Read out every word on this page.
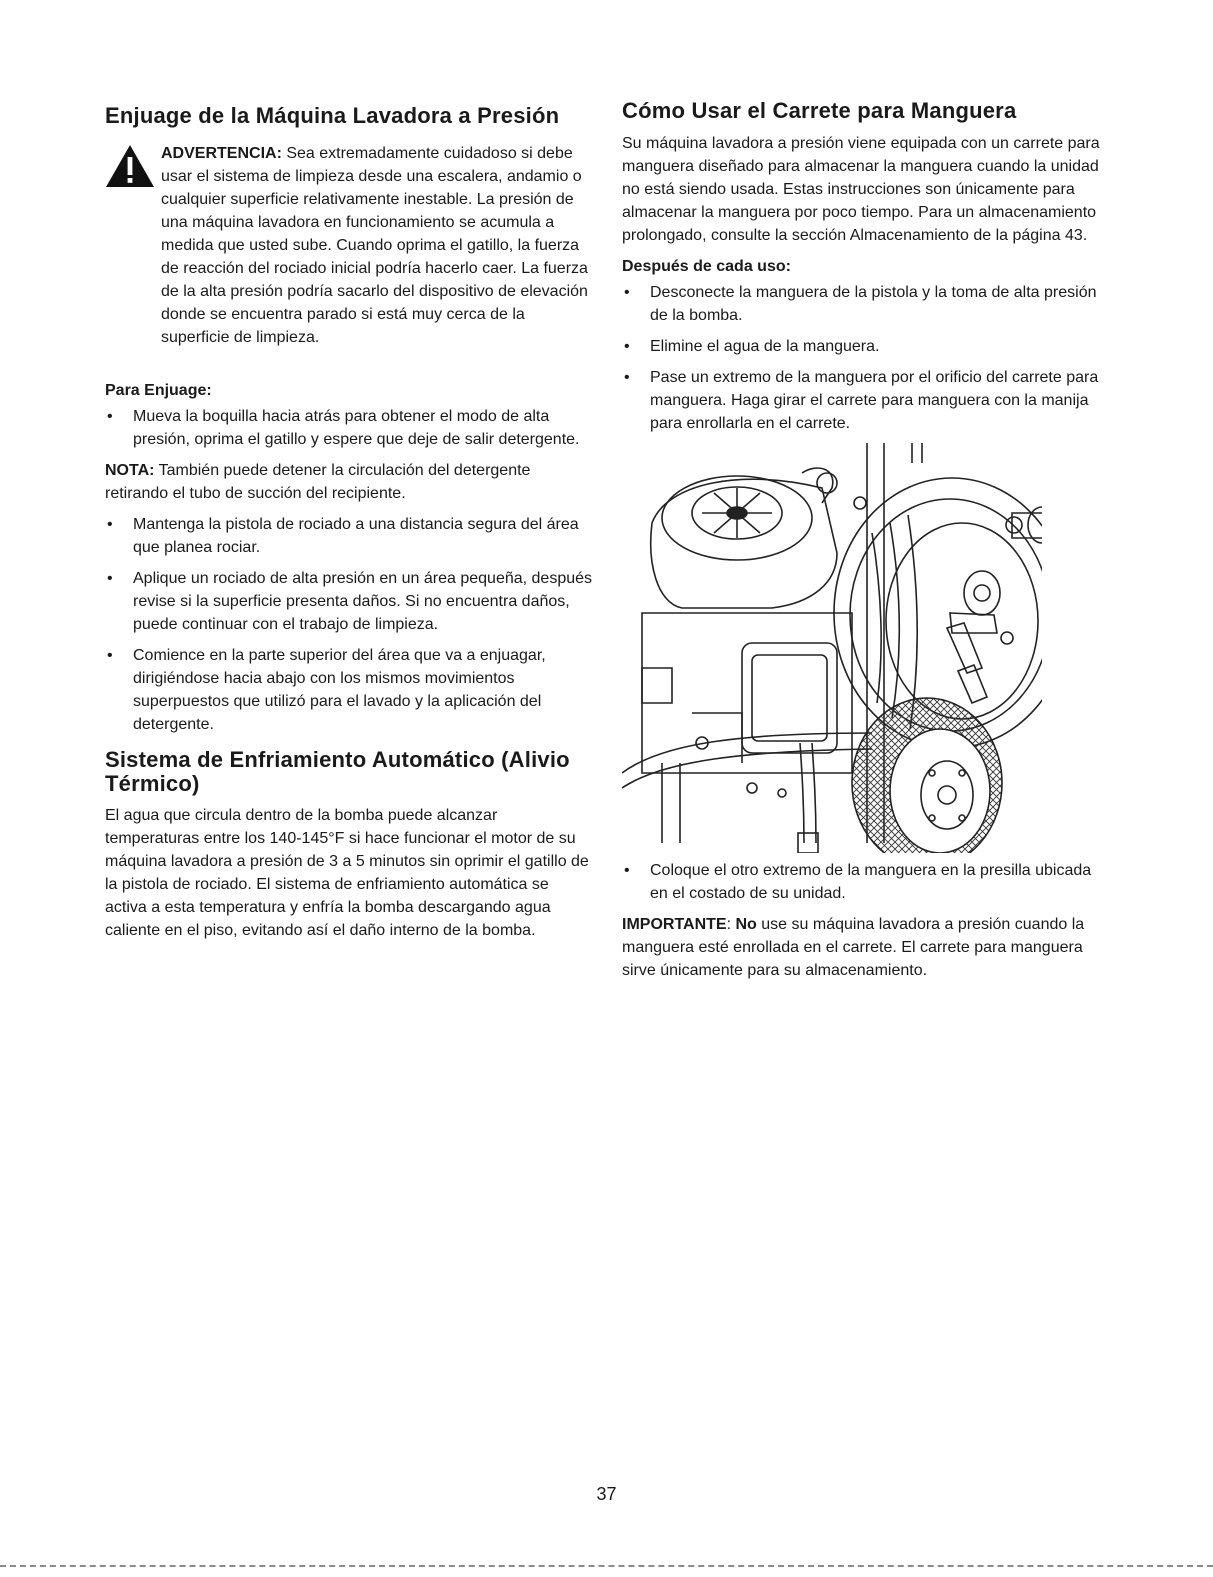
Enjuage de la Máquina Lavadora a Presión

ADVERTENCIA: Sea extremadamente cuidadoso si debe usar el sistema de limpieza desde una escalera, andamio o cualquier superficie relativamente inestable. La presión de una máquina lavadora en funcionamiento se acumula a medida que usted sube. Cuando oprima el gatillo, la fuerza de reacción del rociado inicial podría hacerlo caer. La fuerza de la alta presión podría sacarlo del dispositivo de elevación donde se encuentra parado si está muy cerca de la superficie de limpieza.

Para Enjuage:

• Mueva la boquilla hacia atrás para obtener el modo de alta presión, oprima el gatillo y espere que deje de salir detergente.

NOTA: También puede detener la circulación del detergente retirando el tubo de succión del recipiente.

• Mantenga la pistola de rociado a una distancia segura del área que planea rociar.
• Aplique un rociado de alta presión en un área pequeña, después revise si la superficie presenta daños. Si no encuentra daños, puede continuar con el trabajo de limpieza.
• Comience en la parte superior del área que va a enjuagar, dirigiéndose hacia abajo con los mismos movimientos superpuestos que utilizó para el lavado y la aplicación del detergente.
Sistema de Enfriamiento Automático (Alivio Térmico)

El agua que circula dentro de la bomba puede alcanzar temperaturas entre los 140-145°F si hace funcionar el motor de su máquina lavadora a presión de 3 a 5 minutos sin oprimir el gatillo de la pistola de rociado. El sistema de enfriamiento automática se activa a esta temperatura y enfría la bomba descargando agua caliente en el piso, evitando así el daño interno de la bomba.

Cómo Usar el Carrete para Manguera

Su máquina lavadora a presión viene equipada con un carrete para manguera diseñado para almacenar la manguera cuando la unidad no está siendo usada. Estas instrucciones son únicamente para almacenar la manguera por poco tiempo. Para un almacenamiento prolongado, consulte la sección Almacenamiento de la página 43.

Después de cada uso:

• Desconecte la manguera de la pistola y la toma de alta presión de la bomba.
• Elimine el agua de la manguera.
• Pase un extremo de la manguera por el orificio del carrete para manguera. Haga girar el carrete para manguera con la manija para enrollarla en el carrete.
• Coloque el otro extremo de la manguera en la presilla ubicada en el costado de su unidad.

IMPORTANTE: No use su máquina lavadora a presión cuando la manguera esté enrollada en el carrete. El carrete para manguera sirve únicamente para su almacenamiento.

37
